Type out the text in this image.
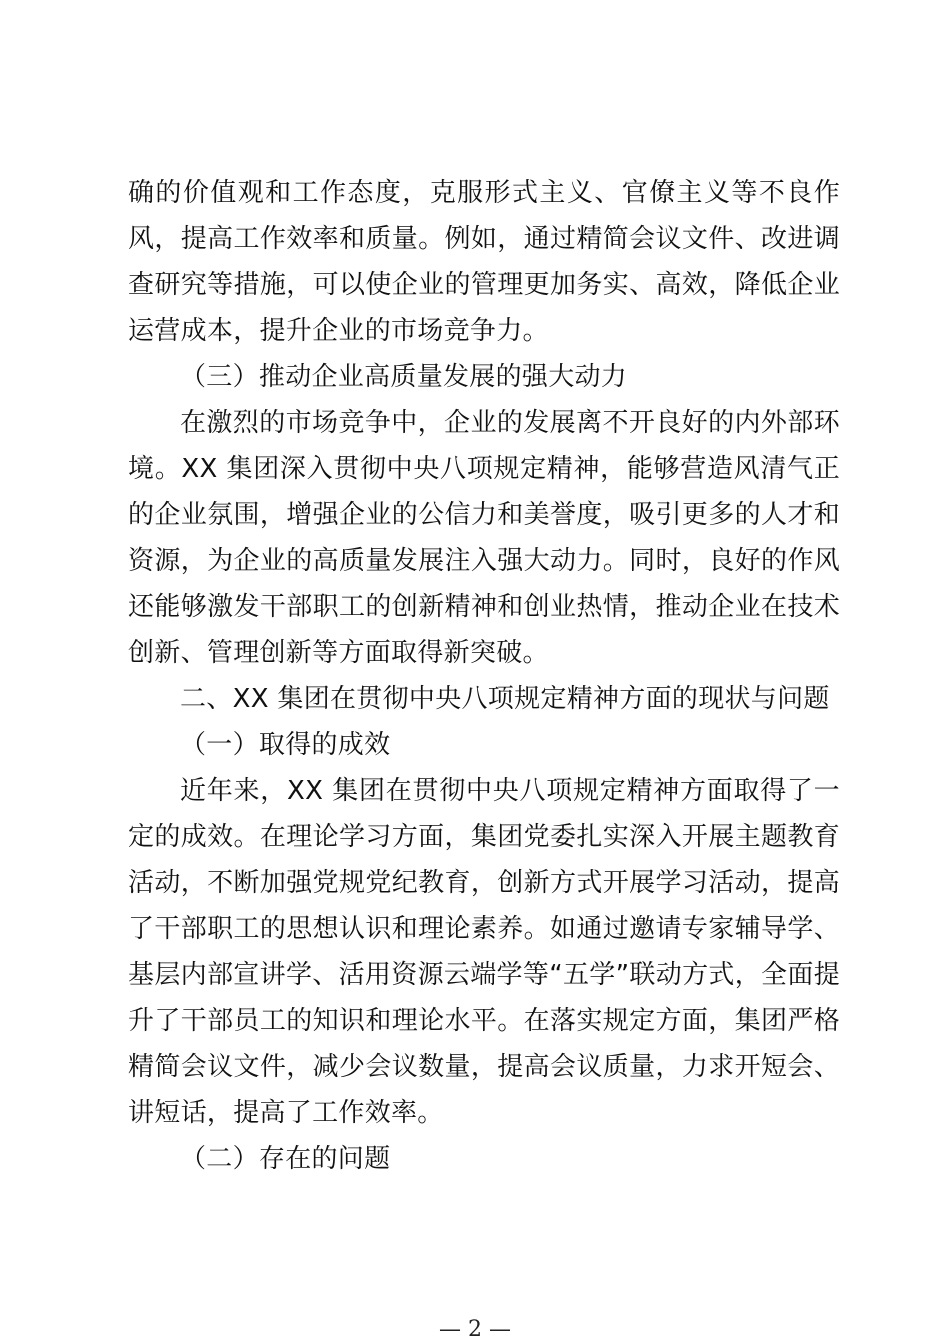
确的价值观和工作态度，克服形式主义、官僚主义等不良作风，提高工作效率和质量。例如，通过精简会议文件、改进调查研究等措施，可以使企业的管理更加务实、高效，降低企业运营成本，提升企业的市场竞争力。

（三）推动企业高质量发展的强大动力

在激烈的市场竞争中，企业的发展离不开良好的内外部环境。XX 集团深入贯彻中央八项规定精神，能够营造风清气正的企业氛围，增强企业的公信力和美誉度，吸引更多的人才和资源，为企业的高质量发展注入强大动力。同时，良好的作风还能够激发干部职工的创新精神和创业热情，推动企业在技术创新、管理创新等方面取得新突破。

二、XX 集团在贯彻中央八项规定精神方面的现状与问题

（一）取得的成效

近年来，XX 集团在贯彻中央八项规定精神方面取得了一定的成效。在理论学习方面，集团党委扎实深入开展主题教育活动，不断加强党规党纪教育，创新方式开展学习活动，提高了干部职工的思想认识和理论素养。如通过邀请专家辅导学、基层内部宣讲学、活用资源云端学等“五学”联动方式，全面提升了干部员工的知识和理论水平。在落实规定方面，集团严格精简会议文件，减少会议数量，提高会议质量，力求开短会、讲短话，提高了工作效率。

（二）存在的问题

— 2 —
